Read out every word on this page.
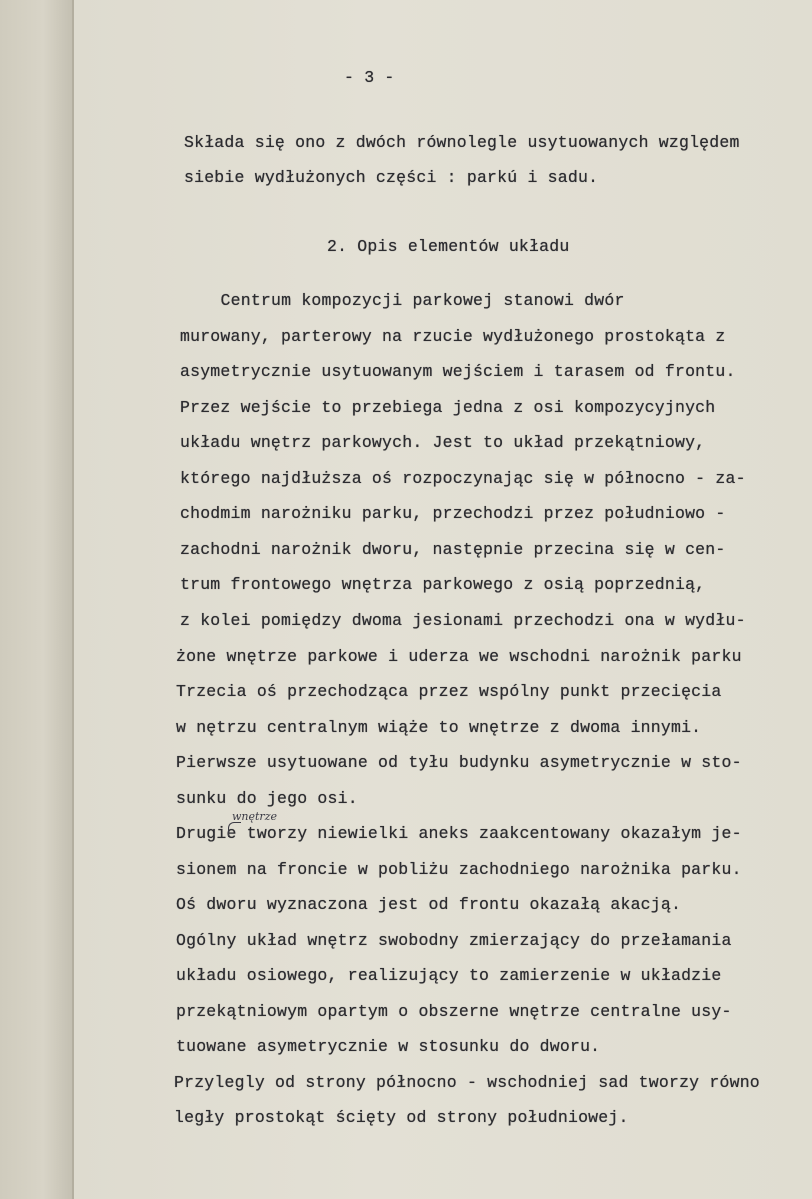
- 3 -

Składa się ono z dwóch równolegle usytuowanych względem

siebie wydłużonych części : parkú i sadu.

2. Opis elementów układu

Centrum kompozycji parkowej stanowi dwór

murowany, parterowy na rzucie wydłużonego prostokąta z

asymetrycznie usytuowanym wejściem i tarasem od frontu.

Przez wejście to przebiega jedna z osi kompozycyjnych

układu wnętrz parkowych. Jest to układ przekątniowy,

którego najdłuższa oś rozpoczynając się w północno - za-

chodmim narożniku parku, przechodzi przez południowo -

zachodni narożnik dworu, następnie przecina się w cen-

trum frontowego wnętrza parkowego z osią poprzednią,

z kolei pomiędzy dwoma jesionami przechodzi ona w wydłu-

żone wnętrze parkowe i uderza we wschodni narożnik parku

Trzecia oś przechodząca przez wspólny punkt przecięcia

w nętrzu centralnym wiąże to wnętrze z dwoma innymi.

Pierwsze usytuowane od tyłu budynku asymetrycznie w sto-

sunku do jego osi.

Drugie tworzy niewielki aneks zaakcentowany okazałym je-

sionem na froncie w pobliżu zachodniego narożnika parku.

Oś dworu wyznaczona jest od frontu okazałą akacją.

Ogólny układ wnętrz swobodny zmierzający do przełamania

układu osiowego, realizujący to zamierzenie w układzie

przekątniowym opartym o obszerne wnętrze centralne usy-

tuowane asymetrycznie w stosunku do dworu.

Przylegly od strony północno - wschodniej sad tworzy równo

legły prostokąt ścięty od strony południowej.

wnętrze
